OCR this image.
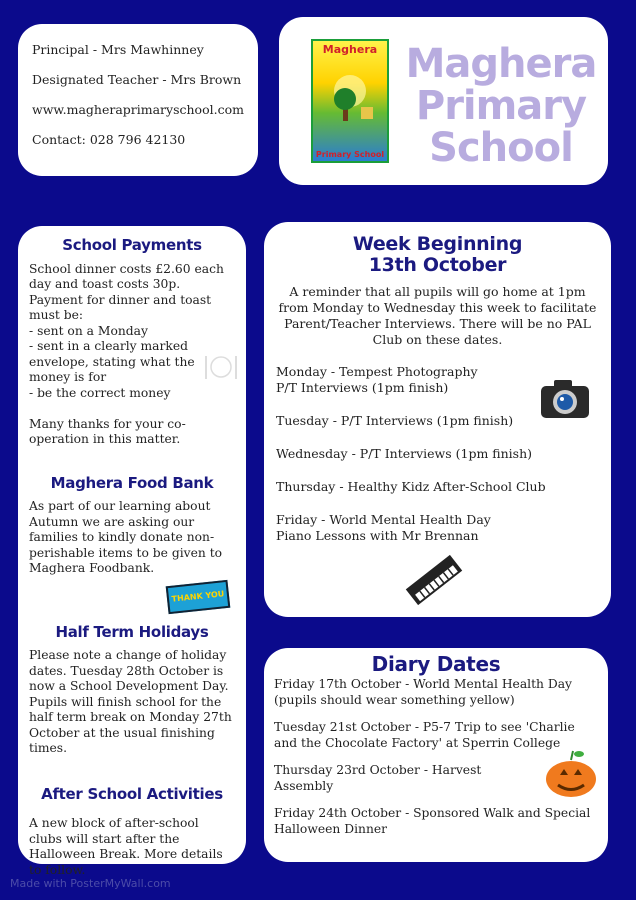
Principal - Mrs Mawhinney

Designated Teacher - Mrs Brown

www.magheraprimaryschool.com

Contact: 028 796 42130

Maghera
Primary School
Maghera
Primary
School
School Payments

School dinner costs £2.60 each day and toast costs 30p. Payment for dinner and toast must be:
- sent on a Monday
- sent in a clearly marked envelope, stating what the money is for
- be the correct money

Many thanks for your co-operation in this matter.

Maghera Food Bank

As part of our learning about Autumn we are asking our families to kindly donate non-perishable items to be given to Maghera Foodbank.

THANK YOU
Half Term Holidays

Please note a change of holiday dates. Tuesday 28th October is now a School Development Day. Pupils will finish school for the half term break on Monday 27th October at the usual finishing times.

After School Activities

A new block of after-school clubs will start after the Halloween Break. More details to follow.

Week Beginning
13th October

A reminder that all pupils will go home at 1pm from Monday to Wednesday this week to facilitate Parent/Teacher Interviews. There will be no PAL Club on these dates.

Monday - Tempest Photography
P/T Interviews (1pm finish)

Tuesday - P/T Interviews (1pm finish)

Wednesday - P/T Interviews (1pm finish)

Thursday - Healthy Kidz After-School Club

Friday - World Mental Health Day
Piano Lessons with Mr Brennan

Diary Dates

Friday 17th October - World Mental Health Day (pupils should wear something yellow)

Tuesday 21st October - P5-7 Trip to see 'Charlie and the Chocolate Factory' at Sperrin College

Thursday 23rd October - Harvest Assembly

Friday 24th October - Sponsored Walk and Special Halloween Dinner

Made with PosterMyWall.com
